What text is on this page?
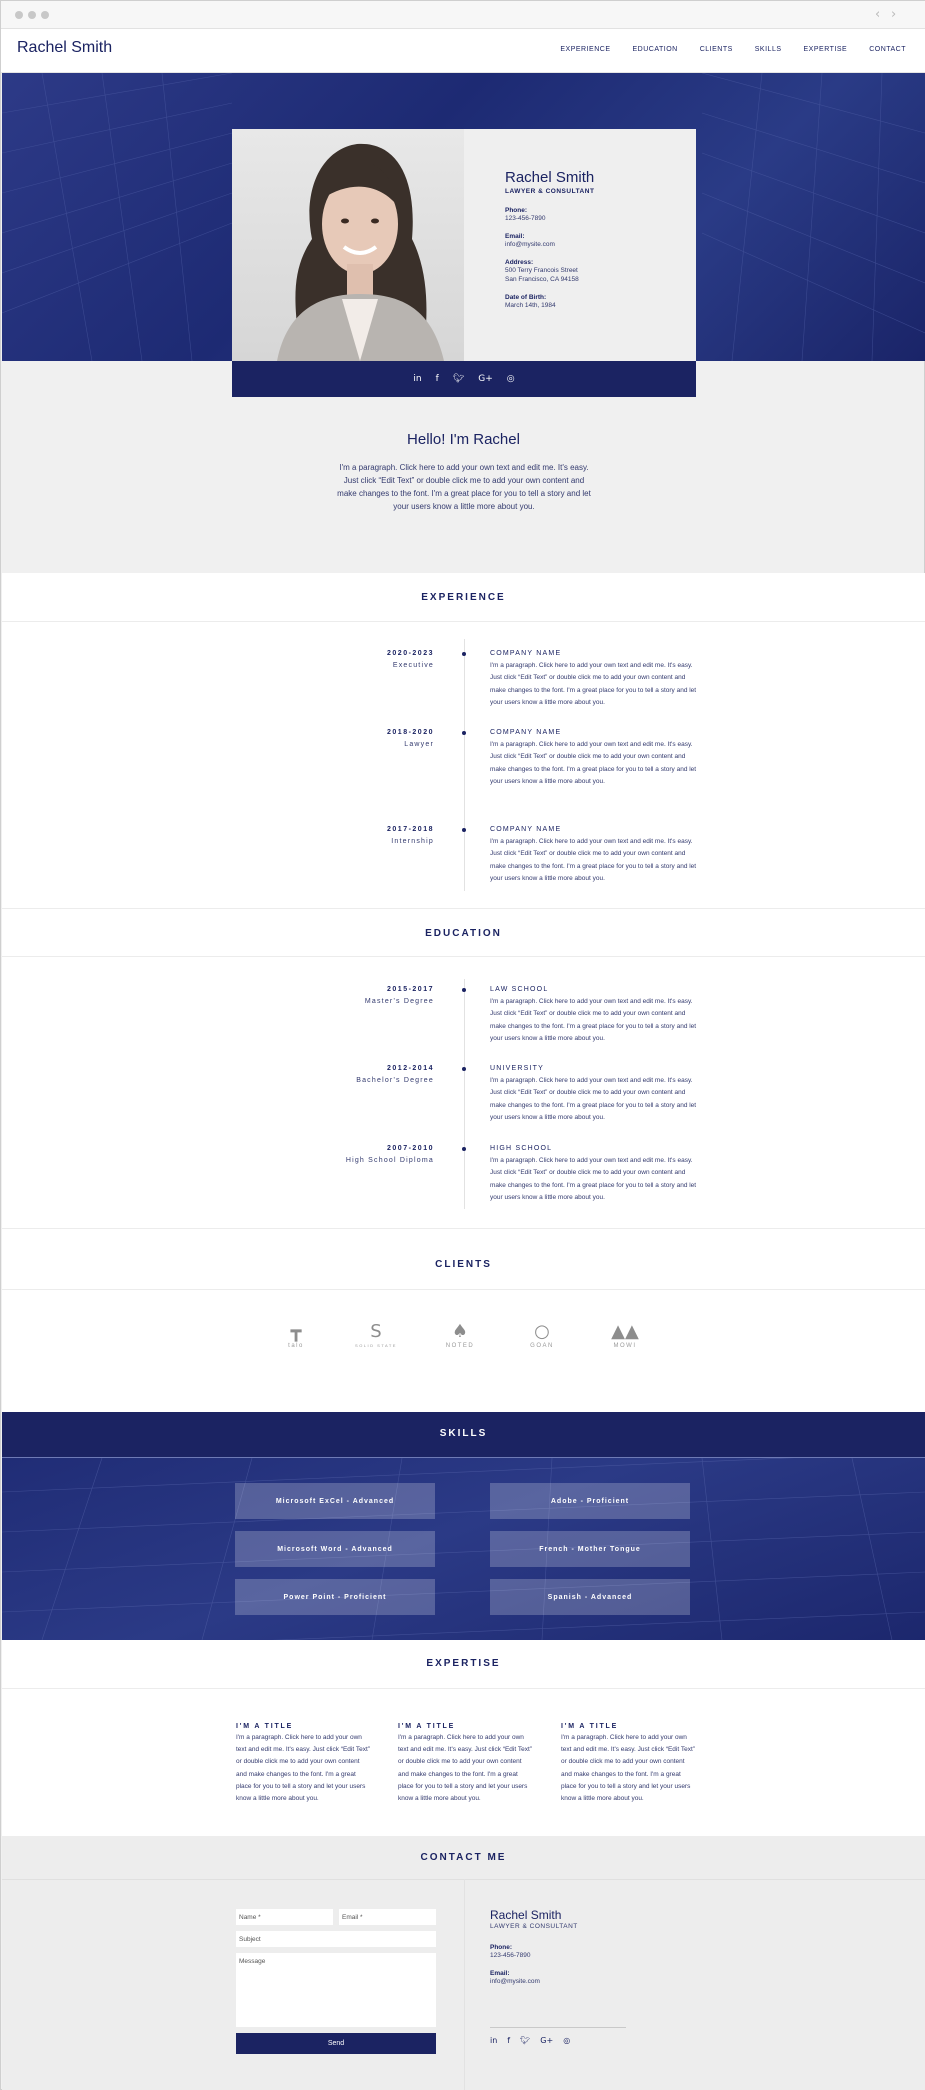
‹ ›
Rachel Smith	EXPERIENCE	EDUCATION	CLIENTS	SKILLS	EXPERTISE	CONTACT
Rachel Smith
LAWYER & CONSULTANT
Phone:
123-456-7890
Email:
info@mysite.com
Address:
500 Terry Francois Street
San Francisco, CA 94158
Date of Birth:
March 14th, 1984
in f 🐦︎ G+ ◎
Hello! I'm Rachel
I'm a paragraph. Click here to add your own text and edit me. It's easy. Just click “Edit Text” or double click me to add your own content and make changes to the font. I'm a great place for you to tell a story and let your users know a little more about you.
EXPERIENCE
2020-2023
Executive
COMPANY NAME
I'm a paragraph. Click here to add your own text and edit me. It's easy. Just click “Edit Text” or double click me to add your own content and make changes to the font. I'm a great place for you to tell a story and let your users know a little more about you.
2018-2020
Lawyer
COMPANY NAME
I'm a paragraph. Click here to add your own text and edit me. It's easy. Just click “Edit Text” or double click me to add your own content and make changes to the font. I'm a great place for you to tell a story and let your users know a little more about you.
2017-2018
Internship
COMPANY NAME
I'm a paragraph. Click here to add your own text and edit me. It's easy. Just click “Edit Text” or double click me to add your own content and make changes to the font. I'm a great place for you to tell a story and let your users know a little more about you.
EDUCATION
2015-2017
Master's Degree
LAW SCHOOL
I'm a paragraph. Click here to add your own text and edit me. It's easy. Just click “Edit Text” or double click me to add your own content and make changes to the font. I'm a great place for you to tell a story and let your users know a little more about you.
2012-2014
Bachelor's Degree
UNIVERSITY
I'm a paragraph. Click here to add your own text and edit me. It's easy. Just click “Edit Text” or double click me to add your own content and make changes to the font. I'm a great place for you to tell a story and let your users know a little more about you.
2007-2010
High School Diploma
HIGH SCHOOL
I'm a paragraph. Click here to add your own text and edit me. It's easy. Just click “Edit Text” or double click me to add your own content and make changes to the font. I'm a great place for you to tell a story and let your users know a little more about you.
CLIENTS
┳
talo
S
SOLID STATE
♠
NOTED
○
GOAN
▲▲
MOWI
SKILLS
Microsoft ExCel - Advanced	Adobe - Proficient
Microsoft Word - Advanced	French - Mother Tongue
Power Point - Proficient	Spanish - Advanced
EXPERTISE
I'M A TITLE
I'm a paragraph. Click here to add your own text and edit me. It's easy. Just click “Edit Text” or double click me to add your own content and make changes to the font. I'm a great place for you to tell a story and let your users know a little more about you.
I'M A TITLE
I'm a paragraph. Click here to add your own text and edit me. It's easy. Just click “Edit Text” or double click me to add your own content and make changes to the font. I'm a great place for you to tell a story and let your users know a little more about you.
I'M A TITLE
I'm a paragraph. Click here to add your own text and edit me. It's easy. Just click “Edit Text” or double click me to add your own content and make changes to the font. I'm a great place for you to tell a story and let your users know a little more about you.
CONTACT ME
Name *	Email *
Subject
Message
Send
Rachel Smith
LAWYER & CONSULTANT
Phone:
123-456-7890
Email:
info@mysite.com
in f 🐦︎ G+ ◎
